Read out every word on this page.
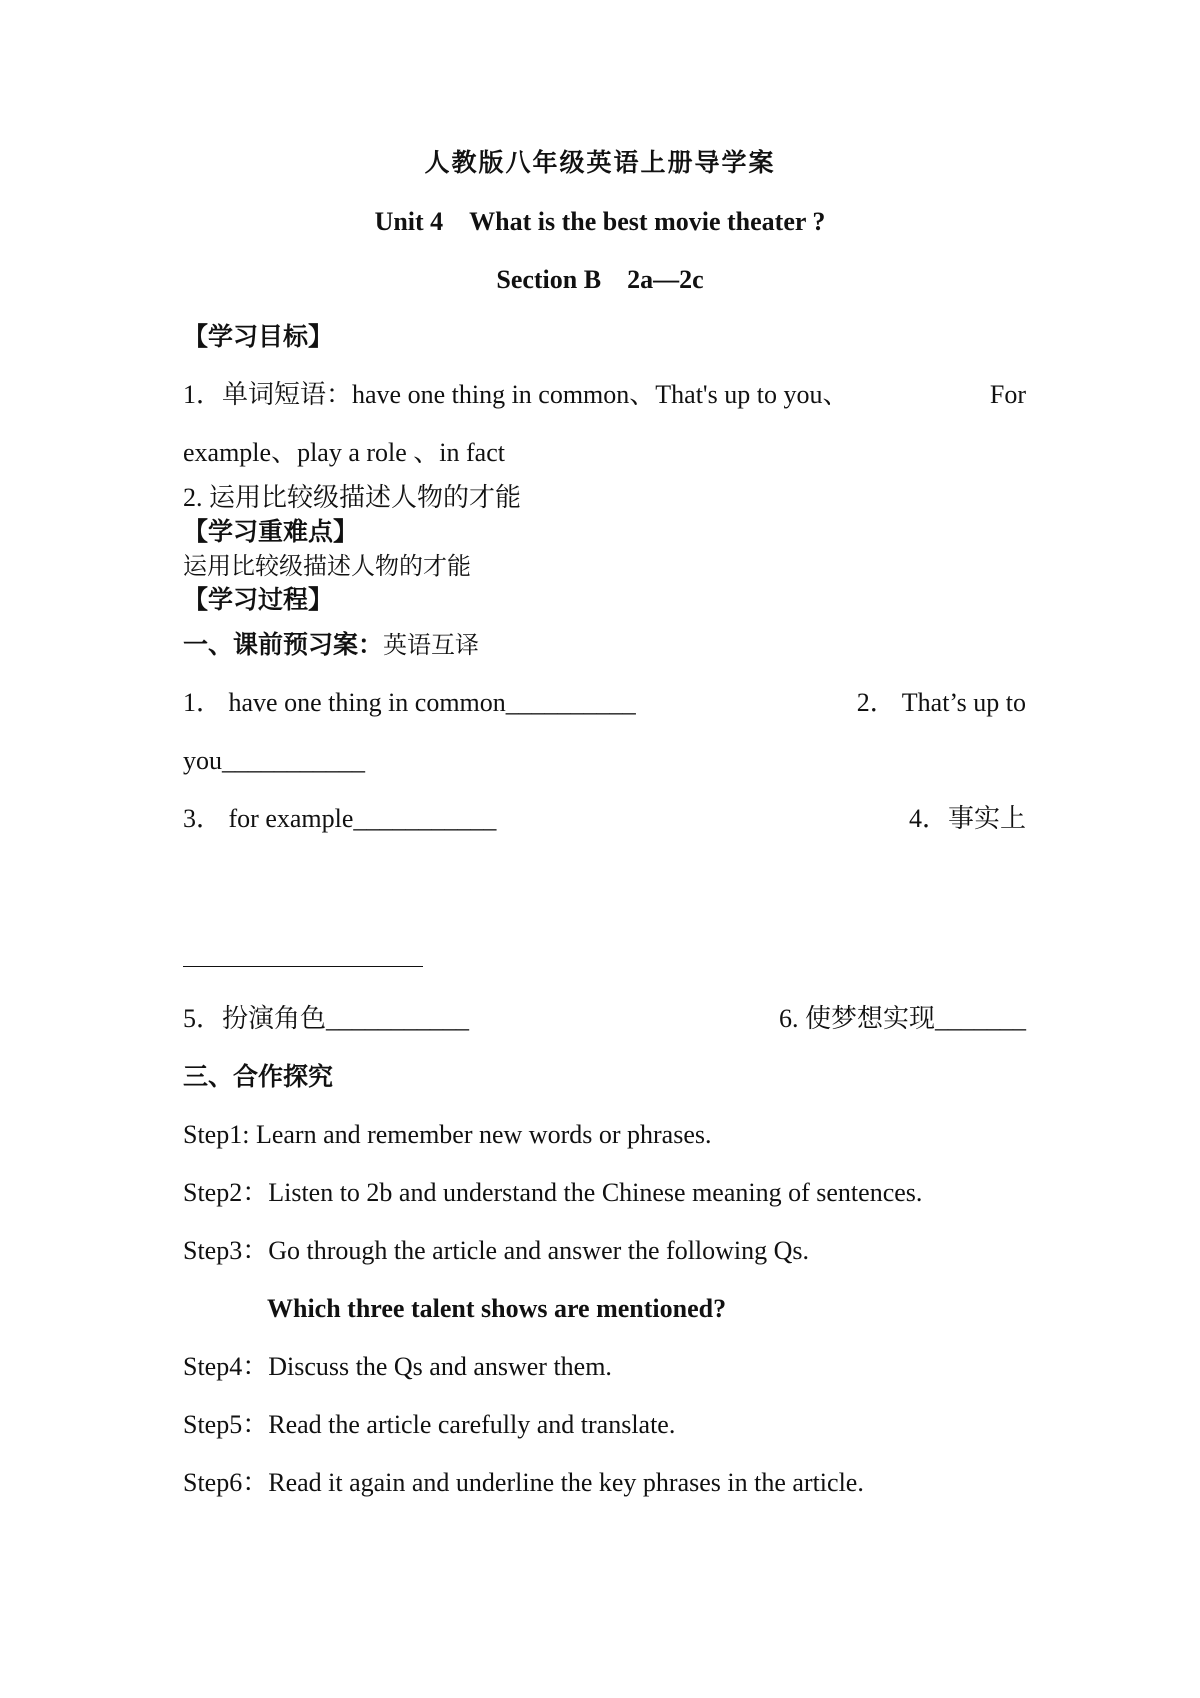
人教版八年级英语上册导学案
Unit 4　What is the best movie theater ?
Section B　2a—2c
【学习目标】
1．单词短语：have one thing in common、That's up to you、	For
example、play a role 、in fact
2. 运用比较级描述人物的才能
【学习重难点】
运用比较级描述人物的才能
【学习过程】
一、课前预习案：英语互译
1． have one thing in common__________	2． That’s up to
you___________
3． for example___________	4．事实上
5．扮演角色___________	6. 使梦想实现_______
三、合作探究
Step1: Learn and remember new words or phrases.
Step2：Listen to 2b and understand the Chinese meaning of sentences.
Step3：Go through the article and answer the following Qs.
Which three talent shows are mentioned?
Step4：Discuss the Qs and answer them.
Step5：Read the article carefully and translate.
Step6：Read it again and underline the key phrases in the article.
